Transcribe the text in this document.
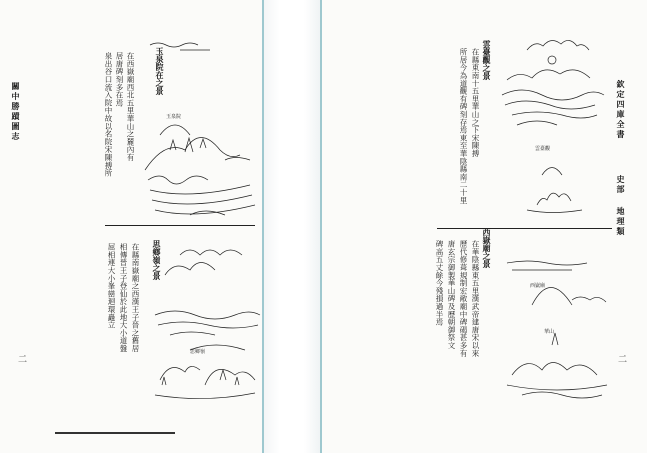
關中勝蹟圖志
二
玉泉院在之景
居唐碑刻多在焉
泉出谷口流入院中故以名院宋陳搏所 在西嶽廟西北五里華山之麓內有	玉泉院
思鄉嶺之景
在縣南嶽廟之西漢王子晉之舊居
相傳晉王子登仙於此地大小道盤
屈相連大小峯巒迴環矗立
思鄉嶺
欽定四庫全書
史部
地理類
二
雲臺觀之景
在縣東南十五里華山之下宋陳搏
所居今為道觀有碑刻存焉東至華陰縣南二十里	雲臺觀
西嶽廟之景
在華陰縣東五里漢武帝建唐宋以來
歷代修葺規制宏敞廟中碑碣甚多有
唐玄宗御製華山碑及歷朝御祭文
碑高五丈餘今殘損過半焉	西嶽廟
華山
